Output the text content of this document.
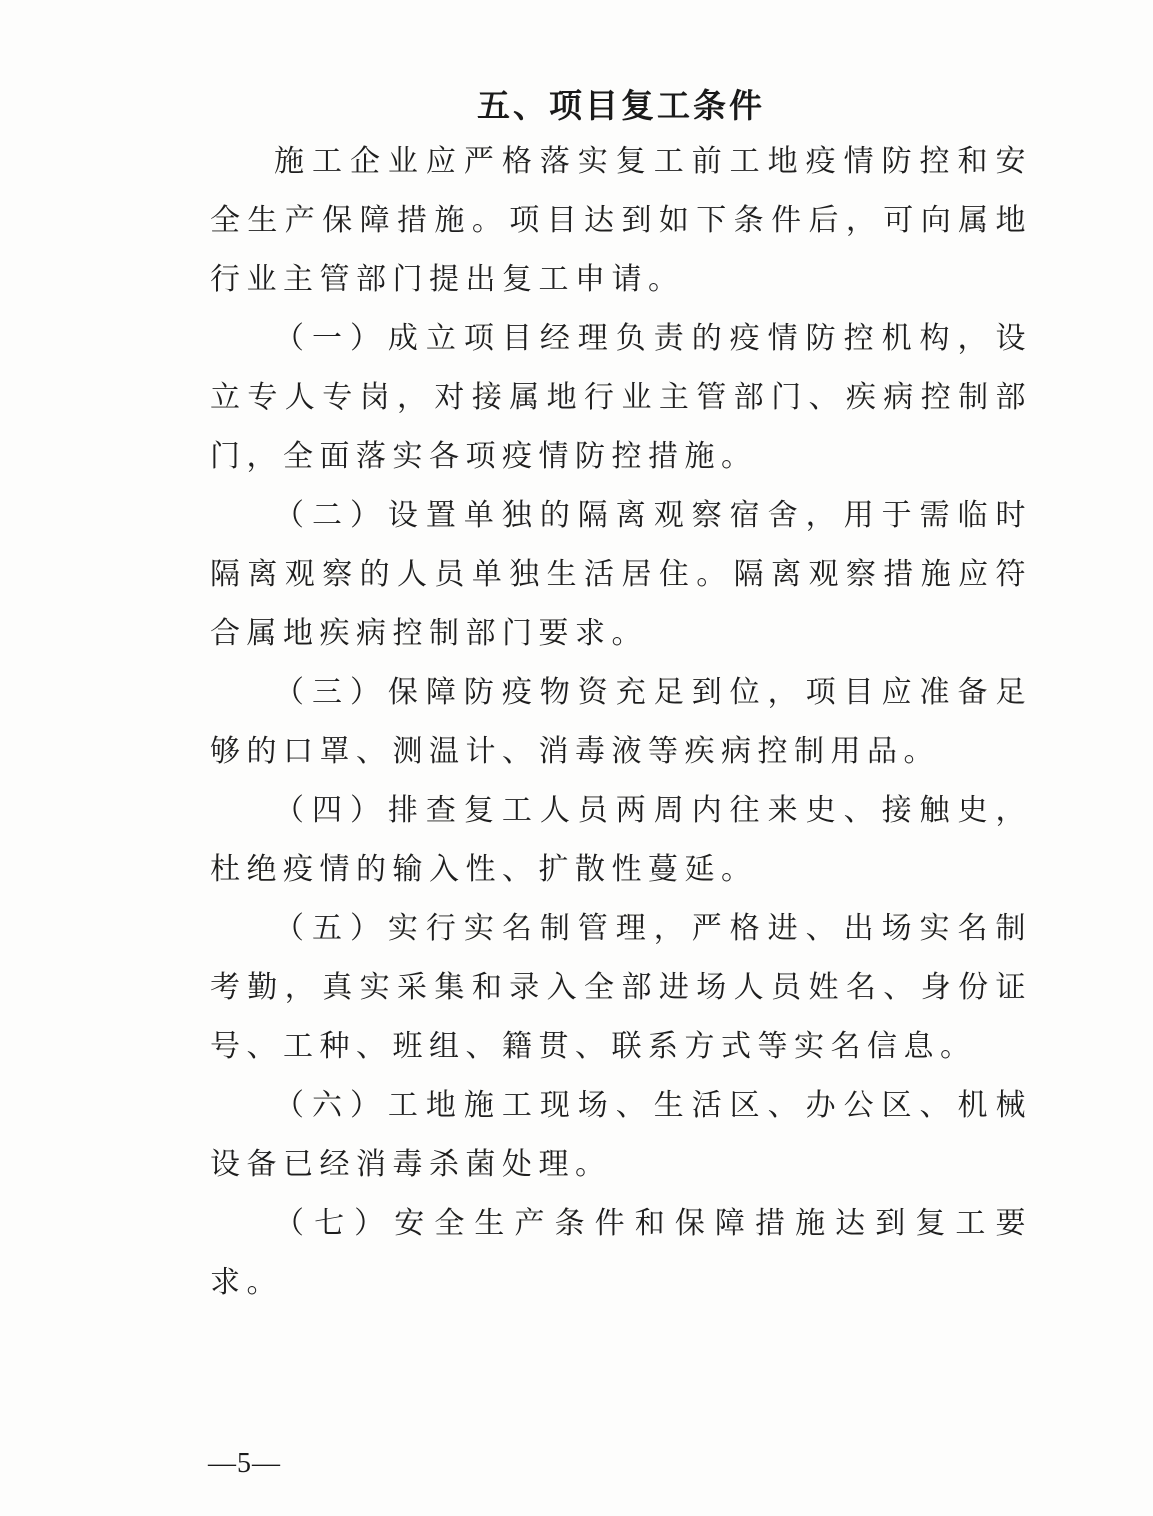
五、项目复工条件

施工企业应严格落实复工前工地疫情防控和安全生产保障措施。项目达到如下条件后，可向属地行业主管部门提出复工申请。

（一）成立项目经理负责的疫情防控机构，设立专人专岗，对接属地行业主管部门、疾病控制部门，全面落实各项疫情防控措施。

（二）设置单独的隔离观察宿舍，用于需临时隔离观察的人员单独生活居住。隔离观察措施应符合属地疾病控制部门要求。

（三）保障防疫物资充足到位，项目应准备足够的口罩、测温计、消毒液等疾病控制用品。

（四）排查复工人员两周内往来史、接触史，杜绝疫情的输入性、扩散性蔓延。

（五）实行实名制管理，严格进、出场实名制考勤，真实采集和录入全部进场人员姓名、身份证号、工种、班组、籍贯、联系方式等实名信息。

（六）工地施工现场、生活区、办公区、机械设备已经消毒杀菌处理。

（七）安全生产条件和保障措施达到复工要求。

—5—
